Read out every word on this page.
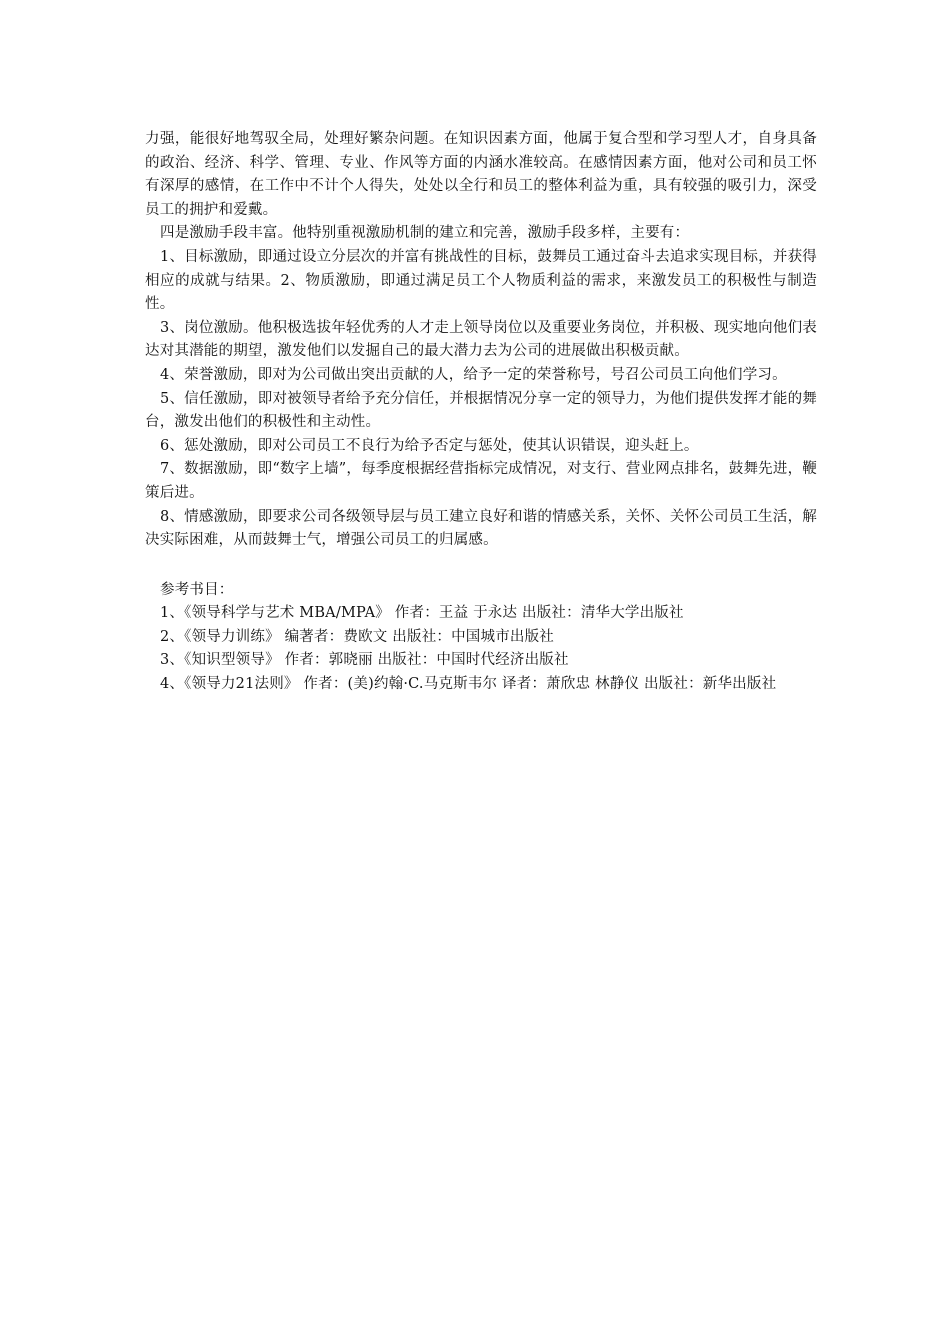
力强，能很好地驾驭全局，处理好繁杂问题。在知识因素方面，他属于复合型和学习型人才，自身具备的政治、经济、科学、管理、专业、作风等方面的内涵水准较高。在感情因素方面，他对公司和员工怀有深厚的感情，在工作中不计个人得失，处处以全行和员工的整体利益为重，具有较强的吸引力，深受员工的拥护和爱戴。

四是激励手段丰富。他特别重视激励机制的建立和完善，激励手段多样，主要有：

1、目标激励，即通过设立分层次的并富有挑战性的目标，鼓舞员工通过奋斗去追求实现目标，并获得相应的成就与结果。2、物质激励，即通过满足员工个人物质利益的需求，来激发员工的积极性与制造性。

3、岗位激励。他积极选拔年轻优秀的人才走上领导岗位以及重要业务岗位，并积极、现实地向他们表达对其潜能的期望，激发他们以发掘自己的最大潜力去为公司的进展做出积极贡献。

4、荣誉激励，即对为公司做出突出贡献的人，给予一定的荣誉称号，号召公司员工向他们学习。

5、信任激励，即对被领导者给予充分信任，并根据情况分享一定的领导力，为他们提供发挥才能的舞台，激发出他们的积极性和主动性。

6、惩处激励，即对公司员工不良行为给予否定与惩处，使其认识错误，迎头赶上。

7、数据激励，即“数字上墙”，每季度根据经营指标完成情况，对支行、营业网点排名，鼓舞先进，鞭策后进。

8、情感激励，即要求公司各级领导层与员工建立良好和谐的情感关系，关怀、关怀公司员工生活，解决实际困难，从而鼓舞士气，增强公司员工的归属感。

参考书目：

1、《领导科学与艺术 MBA/MPA》 作者：王益 于永达 出版社：清华大学出版社

2、《领导力训练》 编著者：费欧文 出版社：中国城市出版社

3、《知识型领导》 作者：郭晓丽 出版社：中国时代经济出版社

4、《领导力21法则》 作者：(美)约翰·C.马克斯韦尔 译者：萧欣忠 林静仪 出版社：新华出版社
